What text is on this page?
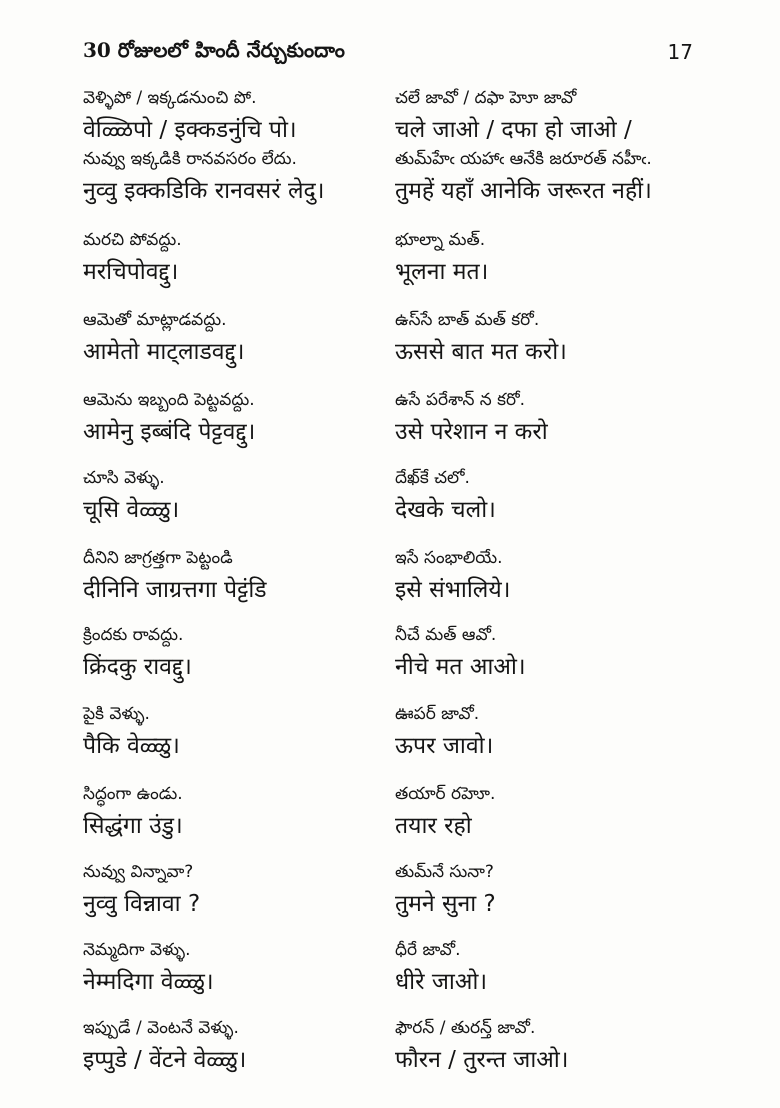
30 రోజులలో హిందీ నేర్చుకుందాం	17
వెళ్ళిపో / ఇక్కడనుంచి పో.
वेळ्ळिपो / इक्कडनुंचि पो।
చలే జావో / దఫా హెూ జావో
चले जाओ / दफा हो जाओ /
నువ్వు ఇక్కడికి రానవసరం లేదు.
नुव्वु इक्कडिकि रानवसरं लेदु।
తుమ్‌హేఁ యహాఁ ఆనేకి జరూరత్ నహీఁ.
तुमहें यहाँ आनेकि जरूरत नहीं।
మరచి పోవద్దు.
मरचिपोवद्दु।
భూల్నా మత్.
भूलना मत।
ఆమెతో మాట్లాడవద్దు.
आमेतो माट्लाडवद्दु।
ఉస్‌సే బాత్ మత్ కరో.
ऊससे बात मत करो।
ఆమెను ఇబ్బంది పెట్టవద్దు.
आमेनु इब्बंदि पेट्टवद्दु।
ఉసే పరేశాన్ న కరో.
उसे परेशान न करो
చూసి వెళ్ళు.
चूसि वेळ्ळु।
దేఖ్‌కే చలో.
देखके चलो।
దీనిని జాగ్రత్తగా పెట్టండి
दीनिनि जाग्रत्तगा पेट्टंडि
ఇసే సంభాలియే.
इसे संभालिये।
క్రిందకు రావద్దు.
क्रिंदकु रावद्दु।
నీచే మత్ ఆవో.
नीचे मत आओ।
పైకి వెళ్ళు.
पैकि वेळ्ळु।
ఊపర్ జావో.
ऊपर जावो।
సిద్ధంగా ఉండు.
सिद्धंगा उंडु।
తయార్ రహెూ.
तयार रहो
నువ్వు విన్నావా?
नुव्वु विन्नावा ?
తుమ్‌నే సునా?
तुमने सुना ?
నెమ్మదిగా వెళ్ళు.
नेम्मदिगा वेळ्ळु।
ధీరే జావో.
धीरे जाओ।
ఇప్పుడే / వెంటనే వెళ్ళు.
इप्पुडे / वेंटने वेळ्ळु।
ఫౌరన్ / తురన్త్ జావో.
फौरन / तुरन्त जाओ।
